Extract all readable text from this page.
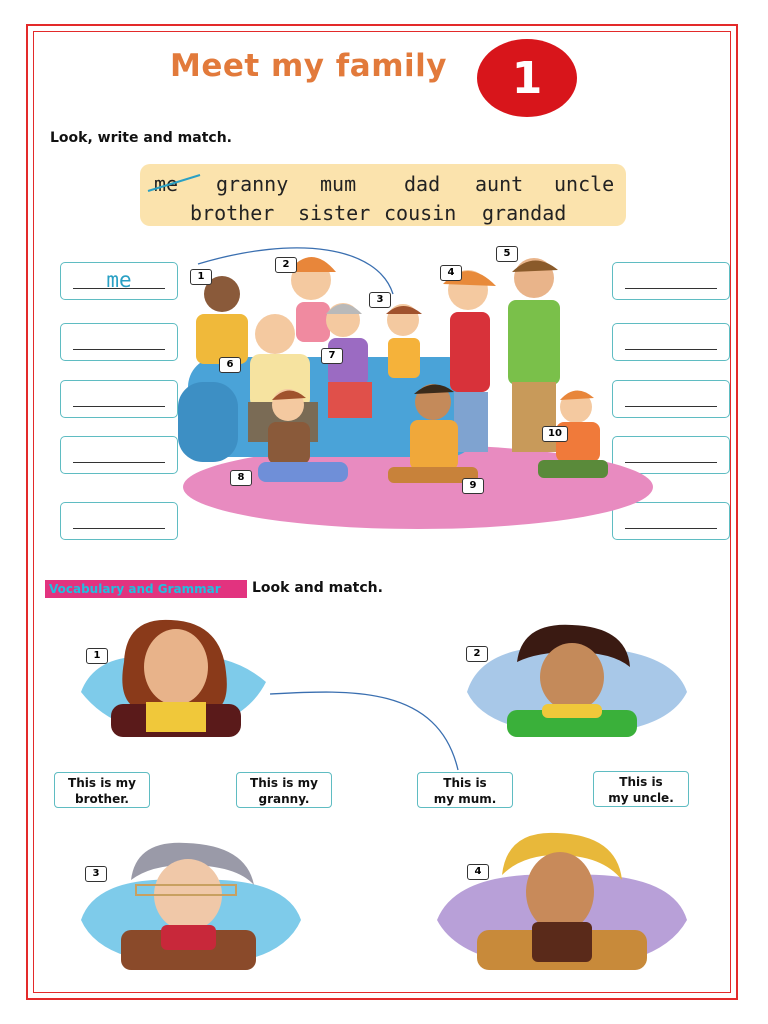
Meet my family	1
Look, write and match.
me granny mum dad aunt uncle
brother sister cousin grandad
me	1
2
3
4
5
6
7
8
9
10
Vocabulary and Grammar	Look and match.
1	2
3	4
This is my
brother.
This is my
granny.
This is
my mum.
This is
my uncle.
